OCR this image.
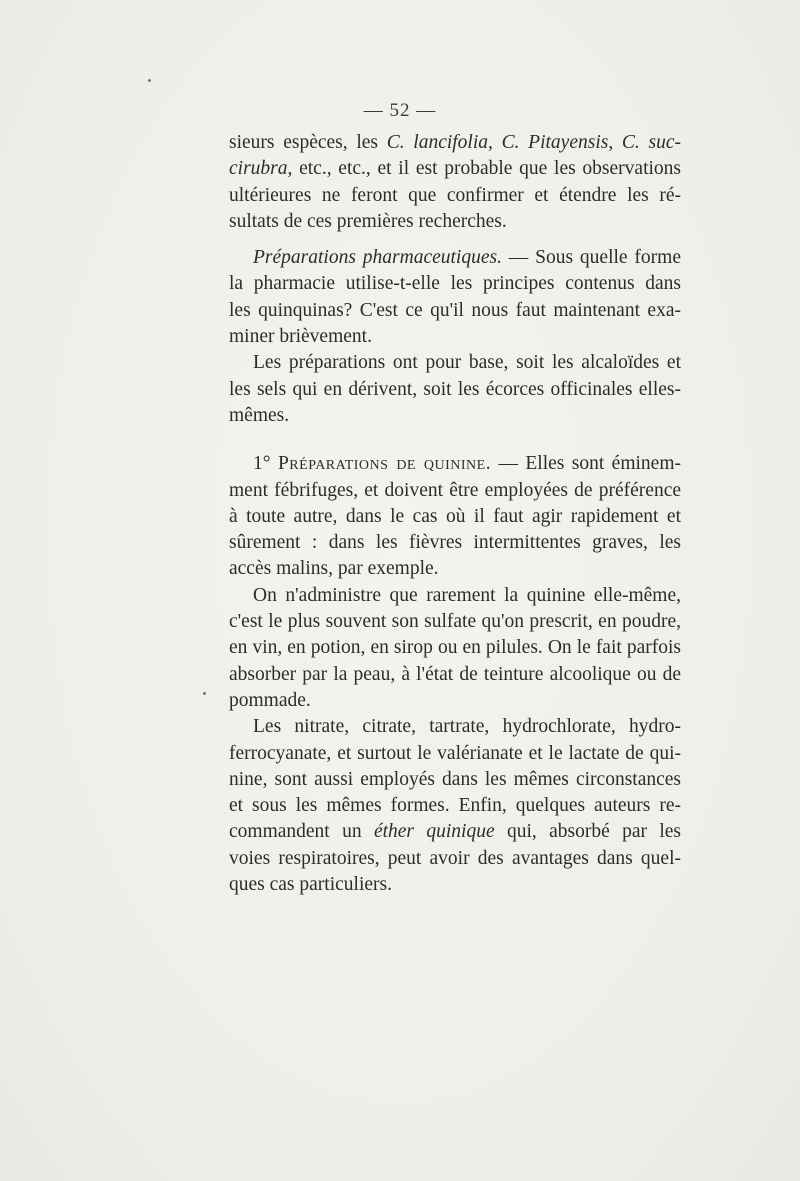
— 52 —
sieurs espèces, les C. lancifolia, C. Pitayensis, C. suc-
cirubra, etc., etc., et il est probable que les observations
ultérieures ne feront que confirmer et étendre les ré-
sultats de ces premières recherches.
Préparations pharmaceutiques. — Sous quelle forme
la pharmacie utilise-t-elle les principes contenus dans
les quinquinas? C'est ce qu'il nous faut maintenant exa-
miner brièvement.
Les préparations ont pour base, soit les alcaloïdes et
les sels qui en dérivent, soit les écorces officinales elles-
mêmes.
1° Préparations de quinine. — Elles sont éminem-
ment fébrifuges, et doivent être employées de préférence
à toute autre, dans le cas où il faut agir rapidement et
sûrement : dans les fièvres intermittentes graves, les
accès malins, par exemple.
On n'administre que rarement la quinine elle-même,
c'est le plus souvent son sulfate qu'on prescrit, en poudre,
en vin, en potion, en sirop ou en pilules. On le fait parfois
absorber par la peau, à l'état de teinture alcoolique ou de
pommade.
Les nitrate, citrate, tartrate, hydrochlorate, hydro-
ferrocyanate, et surtout le valérianate et le lactate de qui-
nine, sont aussi employés dans les mêmes circonstances
et sous les mêmes formes. Enfin, quelques auteurs re-
commandent un éther quinique qui, absorbé par les
voies respiratoires, peut avoir des avantages dans quel-
ques cas particuliers.
